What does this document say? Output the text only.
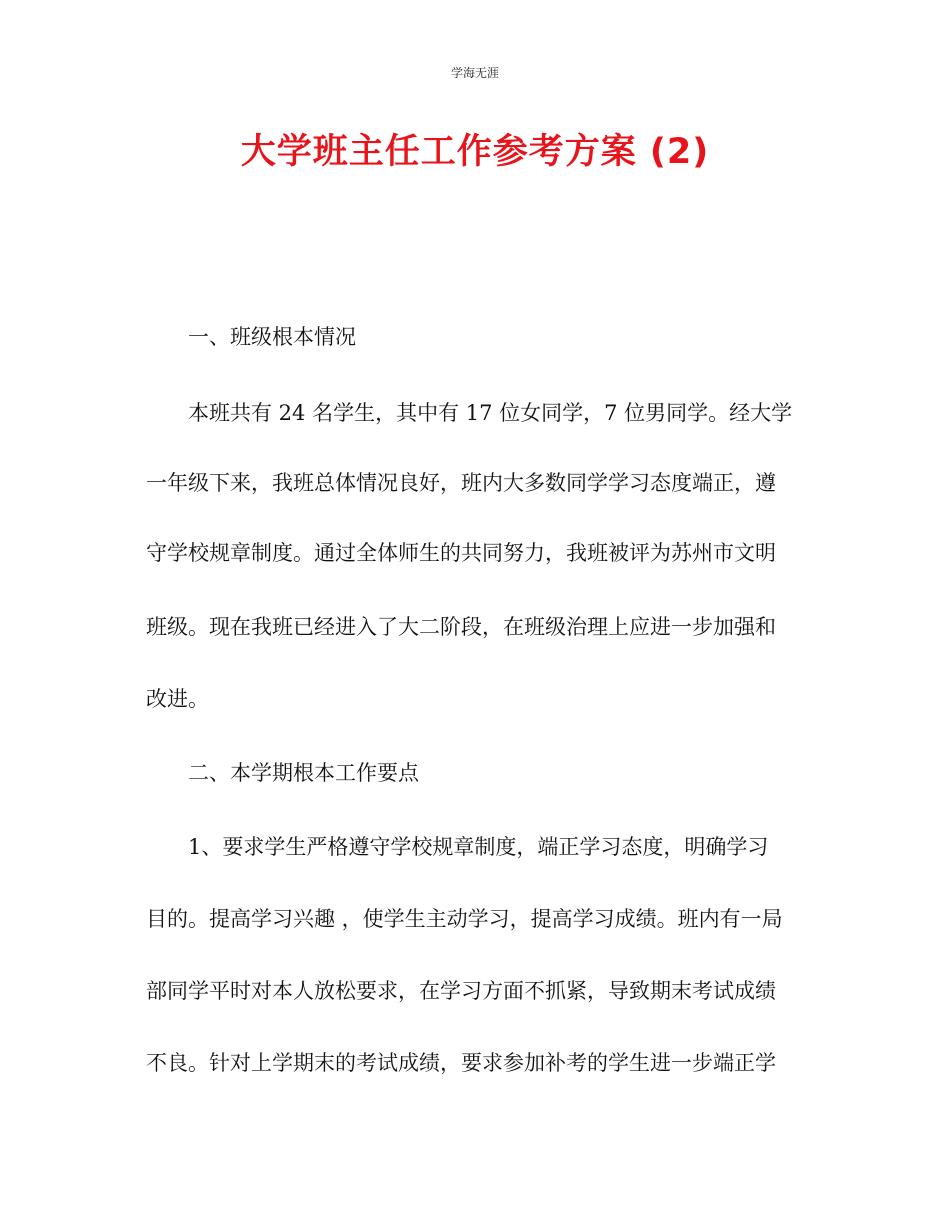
学海无涯
大学班主任工作参考方案 (2)
一、班级根本情况
本班共有 24 名学生，其中有 17 位女同学，7 位男同学。经大学
一年级下来，我班总体情况良好，班内大多数同学学习态度端正，遵
守学校规章制度。通过全体师生的共同努力，我班被评为苏州市文明
班级。现在我班已经进入了大二阶段，在班级治理上应进一步加强和
改进。
二、本学期根本工作要点
1、要求学生严格遵守学校规章制度，端正学习态度，明确学习
目的。提高学习兴趣 ，使学生主动学习，提高学习成绩。班内有一局
部同学平时对本人放松要求，在学习方面不抓紧，导致期末考试成绩
不良。针对上学期末的考试成绩，要求参加补考的学生进一步端正学
